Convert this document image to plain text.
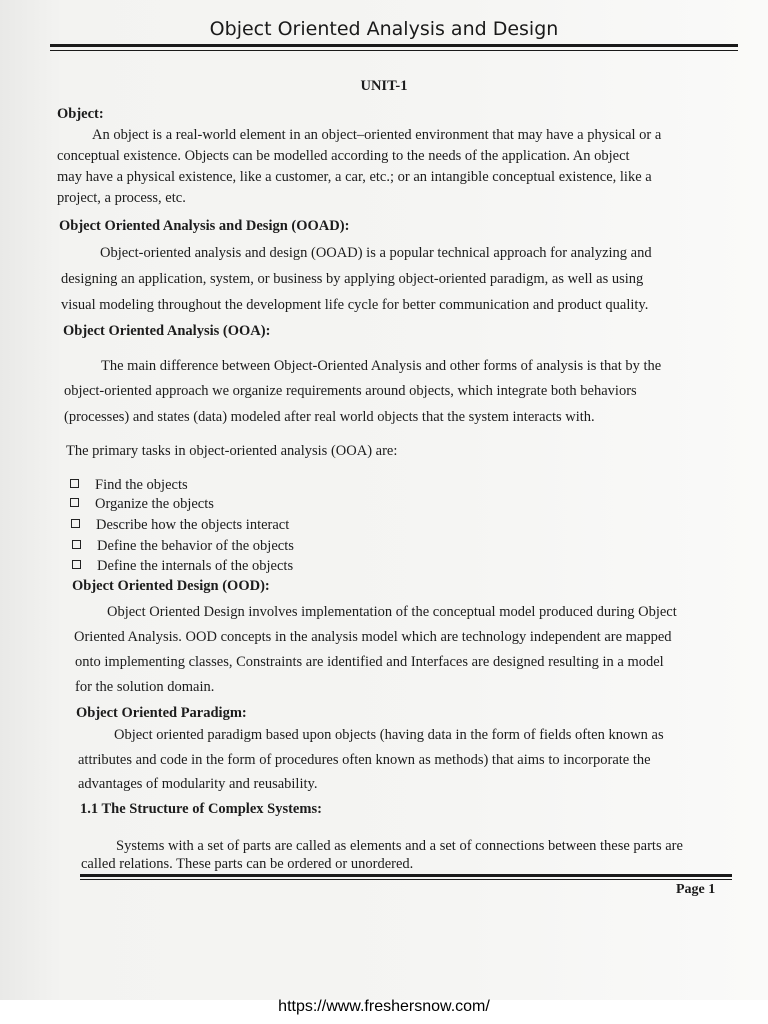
Object Oriented Analysis and Design
UNIT-1
Object:
An object is a real-world element in an object–oriented environment that may have a physical or a
conceptual existence. Objects can be modelled according to the needs of the application. An object
may have a physical existence, like a customer, a car, etc.; or an intangible conceptual existence, like a
project, a process, etc.
Object Oriented Analysis and Design (OOAD):
Object-oriented analysis and design (OOAD) is a popular technical approach for analyzing and
designing an application, system, or business by applying object-oriented paradigm, as well as using
visual modeling throughout the development life cycle for better communication and product quality.
Object Oriented Analysis (OOA):
The main difference between Object-Oriented Analysis and other forms of analysis is that by the
object-oriented approach we organize requirements around objects, which integrate both behaviors
(processes) and states (data) modeled after real world objects that the system interacts with.
The primary tasks in object-oriented analysis (OOA) are:
Find the objects
Organize the objects
Describe how the objects interact
Define the behavior of the objects
Define the internals of the objects
Object Oriented Design (OOD):
Object Oriented Design involves implementation of the conceptual model produced during Object
Oriented Analysis. OOD concepts in the analysis model which are technology independent are mapped
onto implementing classes, Constraints are identified and Interfaces are designed resulting in a model
for the solution domain.
Object Oriented Paradigm:
Object oriented paradigm based upon objects (having data in the form of fields often known as
attributes and code in the form of procedures often known as methods) that aims to incorporate the
advantages of modularity and reusability.
1.1 The Structure of Complex Systems:
Systems with a set of parts are called as elements and a set of connections between these parts are
called relations. These parts can be ordered or unordered.
Page 1
https://www.freshersnow.com/
